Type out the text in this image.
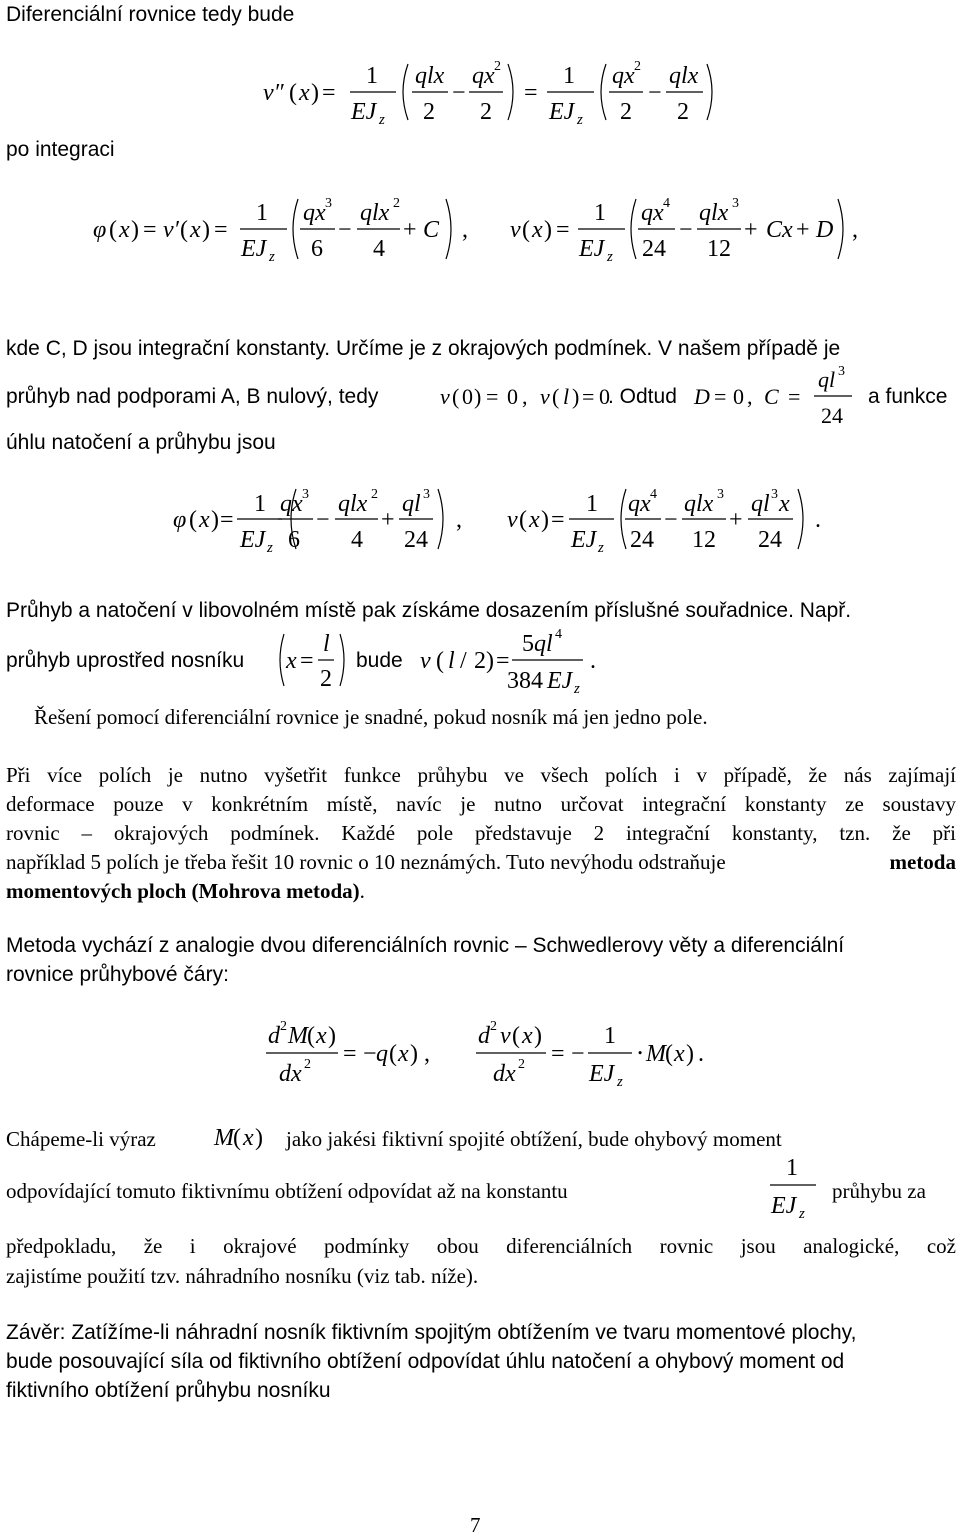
Diferenciální rovnice tedy bude
po integraci
kde C, D jsou integrační konstanty. Určíme je z okrajových podmínek. V našem případě je
průhyb nad podporami A, B nulový, tedy	. Odtud	a funkce
úhlu natočení a průhybu jsou
Průhyb a natočení v libovolném místě pak získáme dosazením příslušné souřadnice. Např.
průhyb uprostřed nosníku	bude
Řešení pomocí diferenciální rovnice je snadné, pokud nosník má jen jedno pole.
Při více polích je nutno vyšetřit funkce průhybu ve všech polích i v případě, že nás zajímají
deformace pouze v konkrétním místě, navíc je nutno určovat integrační konstanty ze soustavy
rovnic – okrajových podmínek. Každé pole představuje 2 integrační konstanty, tzn. že při
například 5 polích je třeba řešit 10 rovnic o 10 neznámých. Tuto nevýhodu odstraňuje	metoda
momentových ploch (Mohrova metoda).
Metoda vychází z analogie dvou diferenciálních rovnic – Schwedlerovy věty a diferenciální
rovnice průhybové čáry:
Chápeme-li výraz	jako jakési fiktivní spojité obtížení, bude ohybový moment
odpovídající tomuto fiktivnímu obtížení odpovídat až na konstantu	průhybu za
předpokladu, že i okrajové podmínky obou diferenciálních rovnic jsou analogické, což
zajistíme použití tzv. náhradního nosníku (viz tab. níže).
Závěr: Zatížíme-li náhradní nosník fiktivním spojitým obtížením ve tvaru momentové plochy,
bude posouvající síla od fiktivního obtížení odpovídat úhlu natočení a ohybový moment od
fiktivního obtížení průhybu nosníku
7
v″ ( x ) =
1
EJ z
qlx
2
−
qx 2
2
=
1
EJ z
qx 2
2
−
qlx
2
φ ( x ) = v′ ( x ) =
1
EJ z
qx 3
6
−
qlx 2
4
+ C , v ( x ) =
1
EJ z
qx 4
24
−
qlx 3
12
+ Cx + D ,
v ( 0 ) = 0 , v ( l ) = 0	D = 0 , C =
ql 3
24
φ ( x ) =
1
EJ z
qx 3
6
−
qlx 2
4
+
ql 3
24
, v ( x ) =
1
EJ z
qx 4
24
−
qlx 3
12
+
ql 3 x
24
.
x =
l
2
v ( l / 2 ) =
5 ql 4
384 EJ z
.
d 2 M ( x )
dx 2 = − q ( x ) ,
d 2 v ( x )
dx 2 = −
1
EJ z
⋅ M ( x ) .
M ( x )
1
EJ z
